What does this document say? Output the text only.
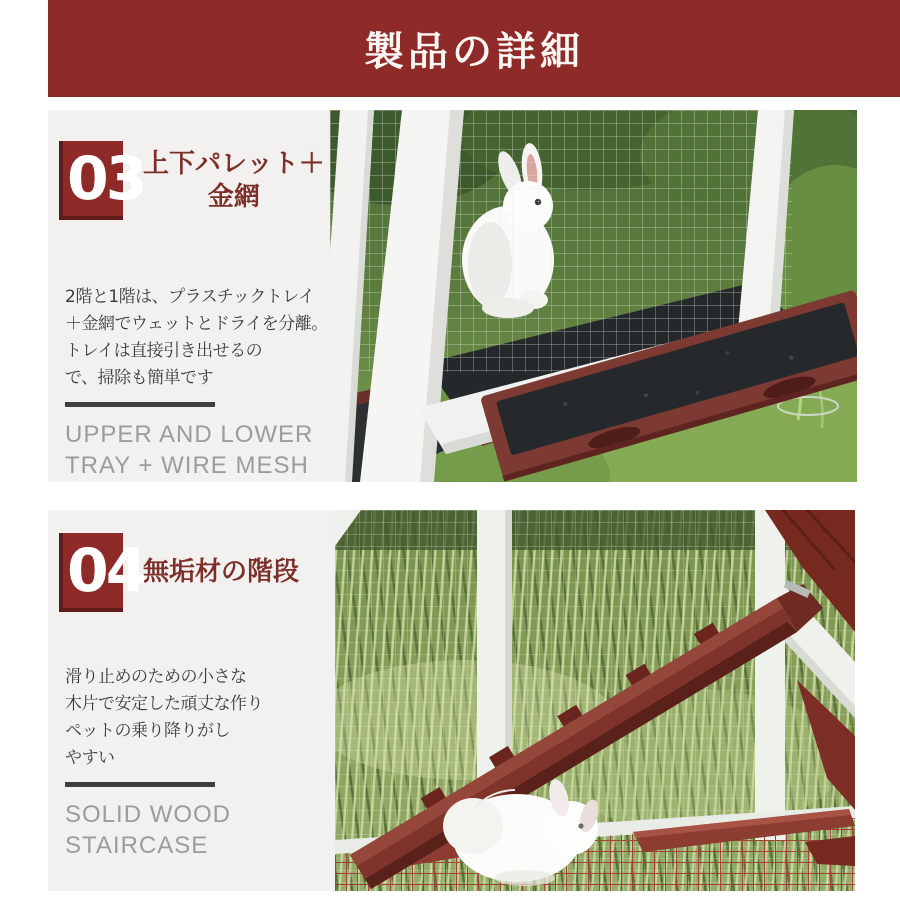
製品の詳細
03
上下パレット＋
金網
2階と1階は、プラスチックトレイ
＋金網でウェットとドライを分離。
トレイは直接引き出せるの
で、掃除も簡単です
UPPER AND LOWER
TRAY + WIRE MESH
04
無垢材の階段
滑り止めのための小さな
木片で安定した頑丈な作り
ペットの乗り降りがし
やすい
SOLID WOOD
STAIRCASE
